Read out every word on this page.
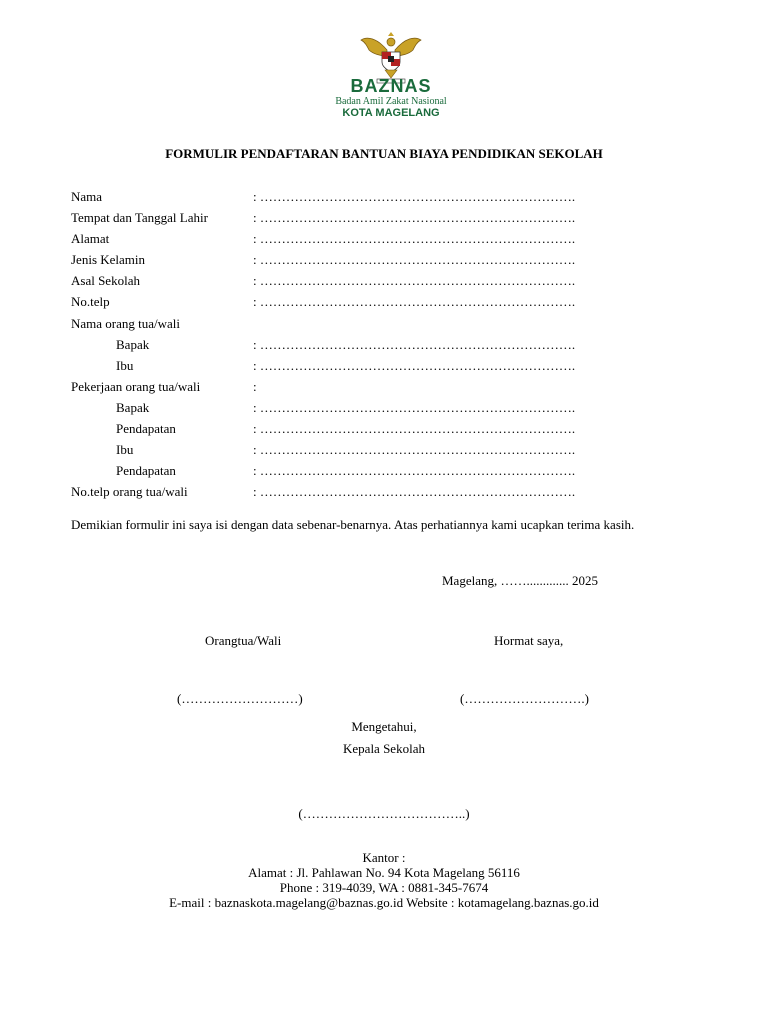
BAZNAS
Badan Amil Zakat Nasional
KOTA MAGELANG
FORMULIR PENDAFTARAN BANTUAN BIAYA PENDIDIKAN SEKOLAH
Nama	: ……………………………………………………………….
Tempat dan Tanggal Lahir	: ……………………………………………………………….
Alamat	: ……………………………………………………………….
Jenis Kelamin	: ……………………………………………………………….
Asal Sekolah	: ……………………………………………………………….
No.telp	: ……………………………………………………………….
Nama orang tua/wali
Bapak	: ……………………………………………………………….
Ibu	: ……………………………………………………………….
Pekerjaan orang tua/wali	:
Bapak	: ……………………………………………………………….
Pendapatan	: ……………………………………………………………….
Ibu	: ……………………………………………………………….
Pendapatan	: ……………………………………………………………….
No.telp orang tua/wali	: ……………………………………………………………….
Demikian formulir ini saya isi dengan data sebenar-benarnya. Atas perhatiannya kami ucapkan terima kasih.
Magelang, ……............. 2025
Orangtua/Wali	Hormat saya,
(………………………)	(……………………….)
Mengetahui,
Kepala Sekolah
(………………………………..)
Kantor :
Alamat : Jl. Pahlawan No. 94 Kota Magelang 56116
Phone : 319-4039, WA : 0881-345-7674
E-mail : baznaskota.magelang@baznas.go.id Website : kotamagelang.baznas.go.id
